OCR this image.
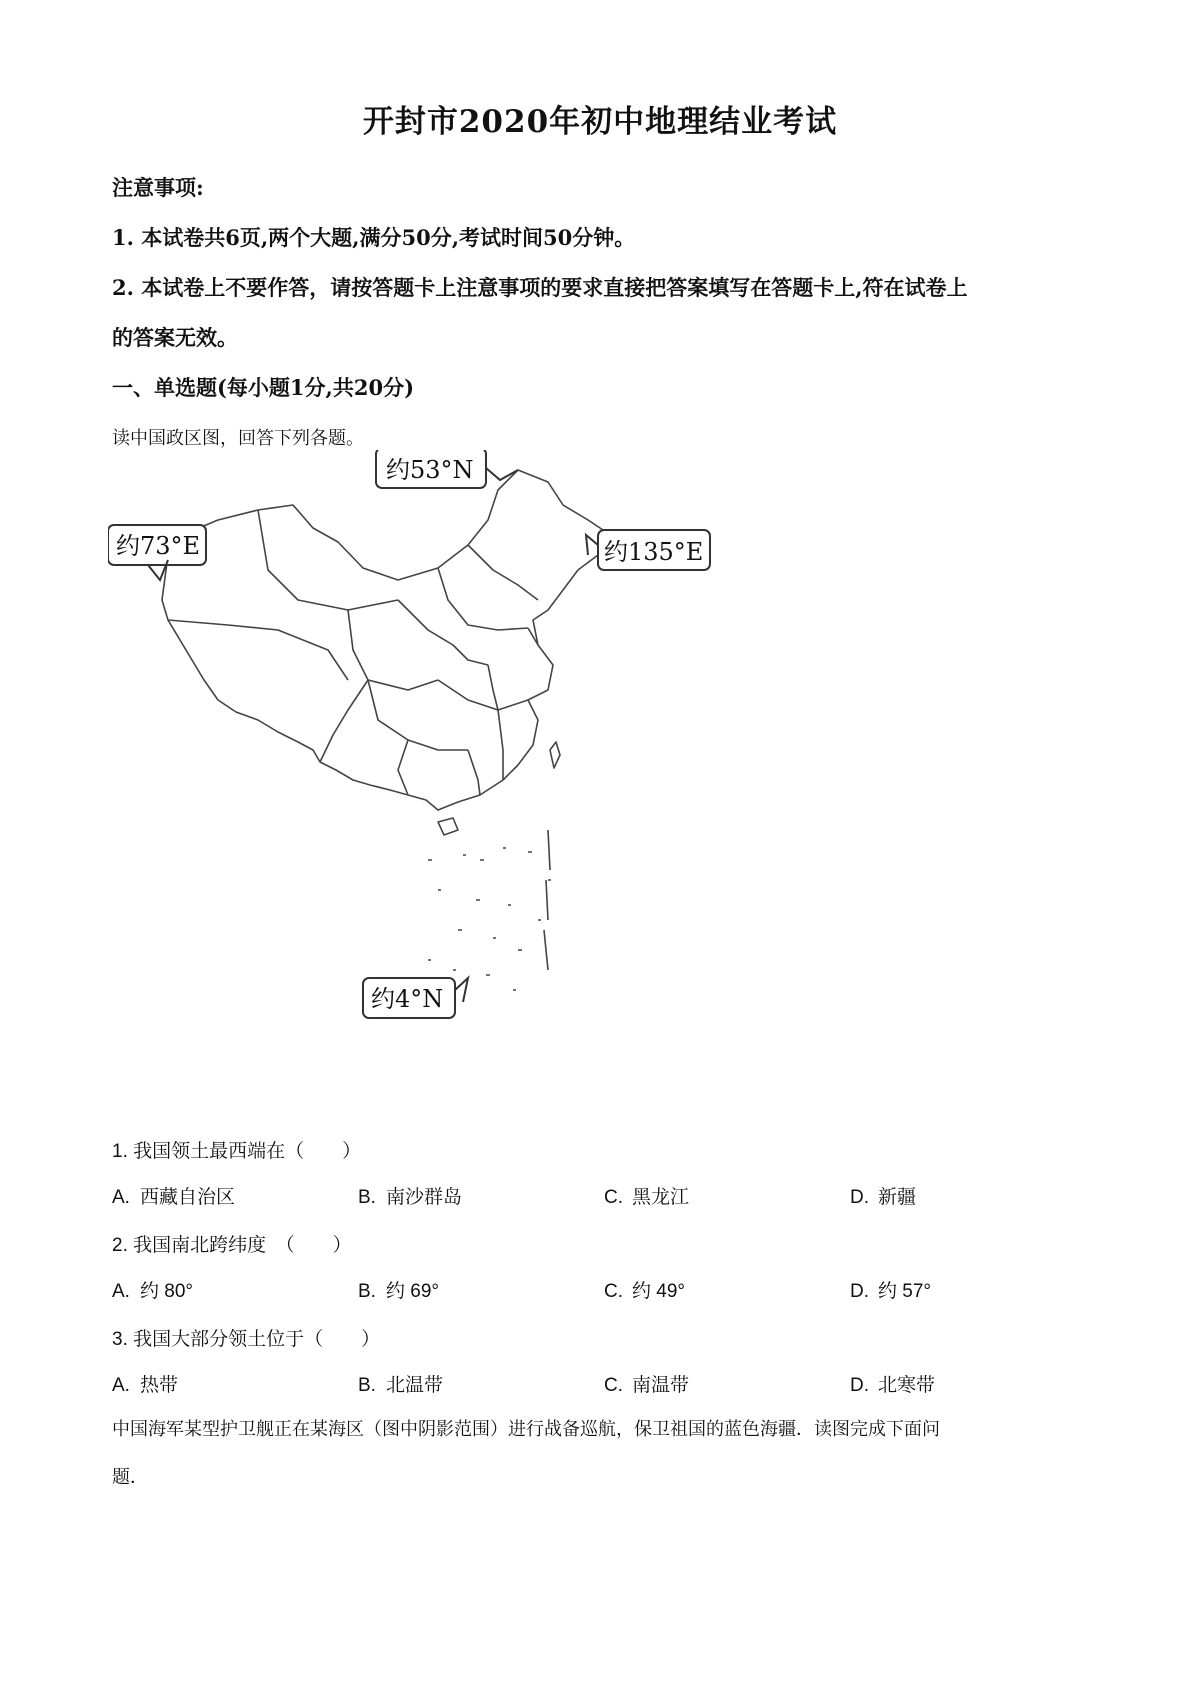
开封市2020年初中地理结业考试
注意事项:
1. 本试卷共6页,两个大题,满分50分,考试时间50分钟。
2. 本试卷上不要作答，请按答题卡上注意事项的要求直接把答案填写在答题卡上,符在试卷上
的答案无效。
一、单选题(每小题1分,共20分)
读中国政区图，回答下列各题。
约53°N
约73°E	约135°E
约4°N
1. 我国领土最西端在（　　）
A. 西藏自治区	B. 南沙群岛	C. 黑龙江	D. 新疆
2. 我国南北跨纬度　（　　）
A. 约 80°	B. 约 69°	C. 约 49°	D. 约 57°
3. 我国大部分领土位于（　　）
A. 热带	B. 北温带	C. 南温带	D. 北寒带
中国海军某型护卫舰正在某海区（图中阴影范围）进行战备巡航，保卫祖国的蓝色海疆．读图完成下面问
题．
